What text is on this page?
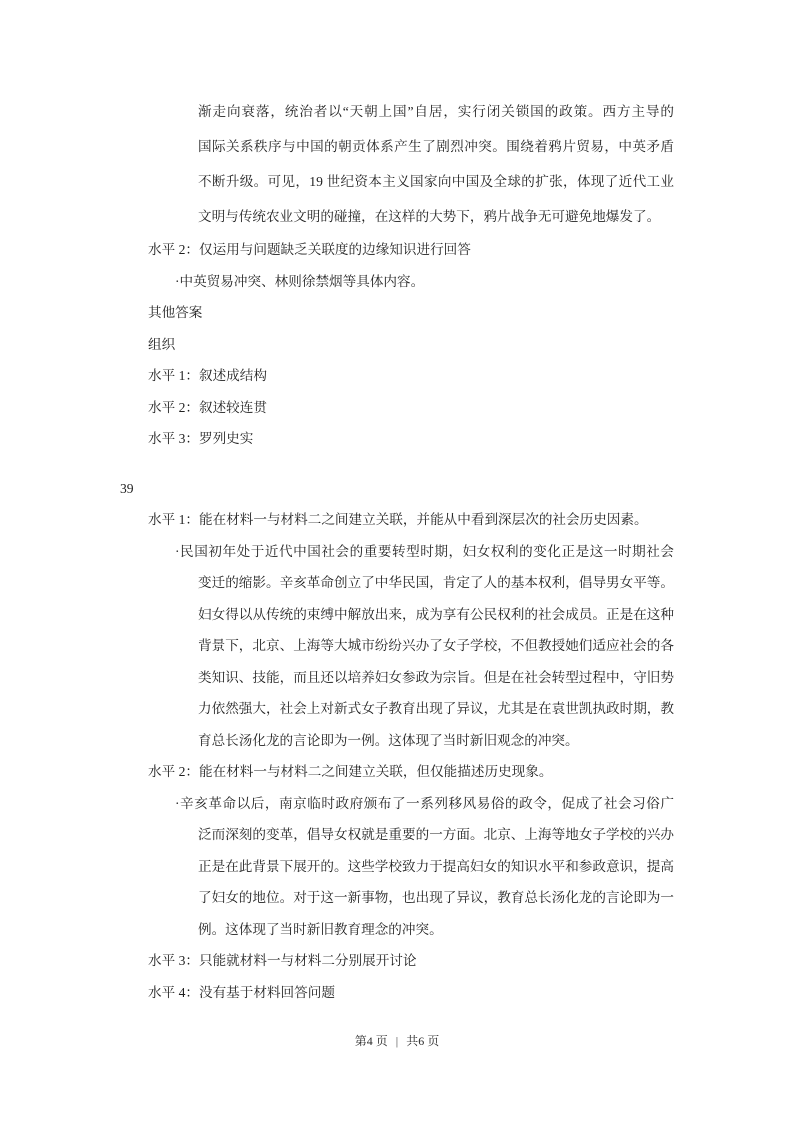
渐走向衰落，统治者以“天朝上国”自居，实行闭关锁国的政策。西方主导的
国际关系秩序与中国的朝贡体系产生了剧烈冲突。围绕着鸦片贸易，中英矛盾
不断升级。可见，19 世纪资本主义国家向中国及全球的扩张，体现了近代工业
文明与传统农业文明的碰撞，在这样的大势下，鸦片战争无可避免地爆发了。
水平 2：仅运用与问题缺乏关联度的边缘知识进行回答
·中英贸易冲突、林则徐禁烟等具体内容。
其他答案
组织
水平 1：叙述成结构
水平 2：叙述较连贯
水平 3：罗列史实
39
水平 1：能在材料一与材料二之间建立关联，并能从中看到深层次的社会历史因素。
·民国初年处于近代中国社会的重要转型时期，妇女权利的变化正是这一时期社会
变迁的缩影。辛亥革命创立了中华民国，肯定了人的基本权利，倡导男女平等。
妇女得以从传统的束缚中解放出来，成为享有公民权利的社会成员。正是在这种
背景下，北京、上海等大城市纷纷兴办了女子学校，不但教授她们适应社会的各
类知识、技能，而且还以培养妇女参政为宗旨。但是在社会转型过程中，守旧势
力依然强大，社会上对新式女子教育出现了异议，尤其是在袁世凯执政时期，教
育总长汤化龙的言论即为一例。这体现了当时新旧观念的冲突。
水平 2：能在材料一与材料二之间建立关联，但仅能描述历史现象。
·辛亥革命以后，南京临时政府颁布了一系列移风易俗的政令，促成了社会习俗广
泛而深刻的变革，倡导女权就是重要的一方面。北京、上海等地女子学校的兴办
正是在此背景下展开的。这些学校致力于提高妇女的知识水平和参政意识，提高
了妇女的地位。对于这一新事物，也出现了异议，教育总长汤化龙的言论即为一
例。这体现了当时新旧教育理念的冲突。
水平 3：只能就材料一与材料二分别展开讨论
水平 4：没有基于材料回答问题
第4 页 | 共6 页
